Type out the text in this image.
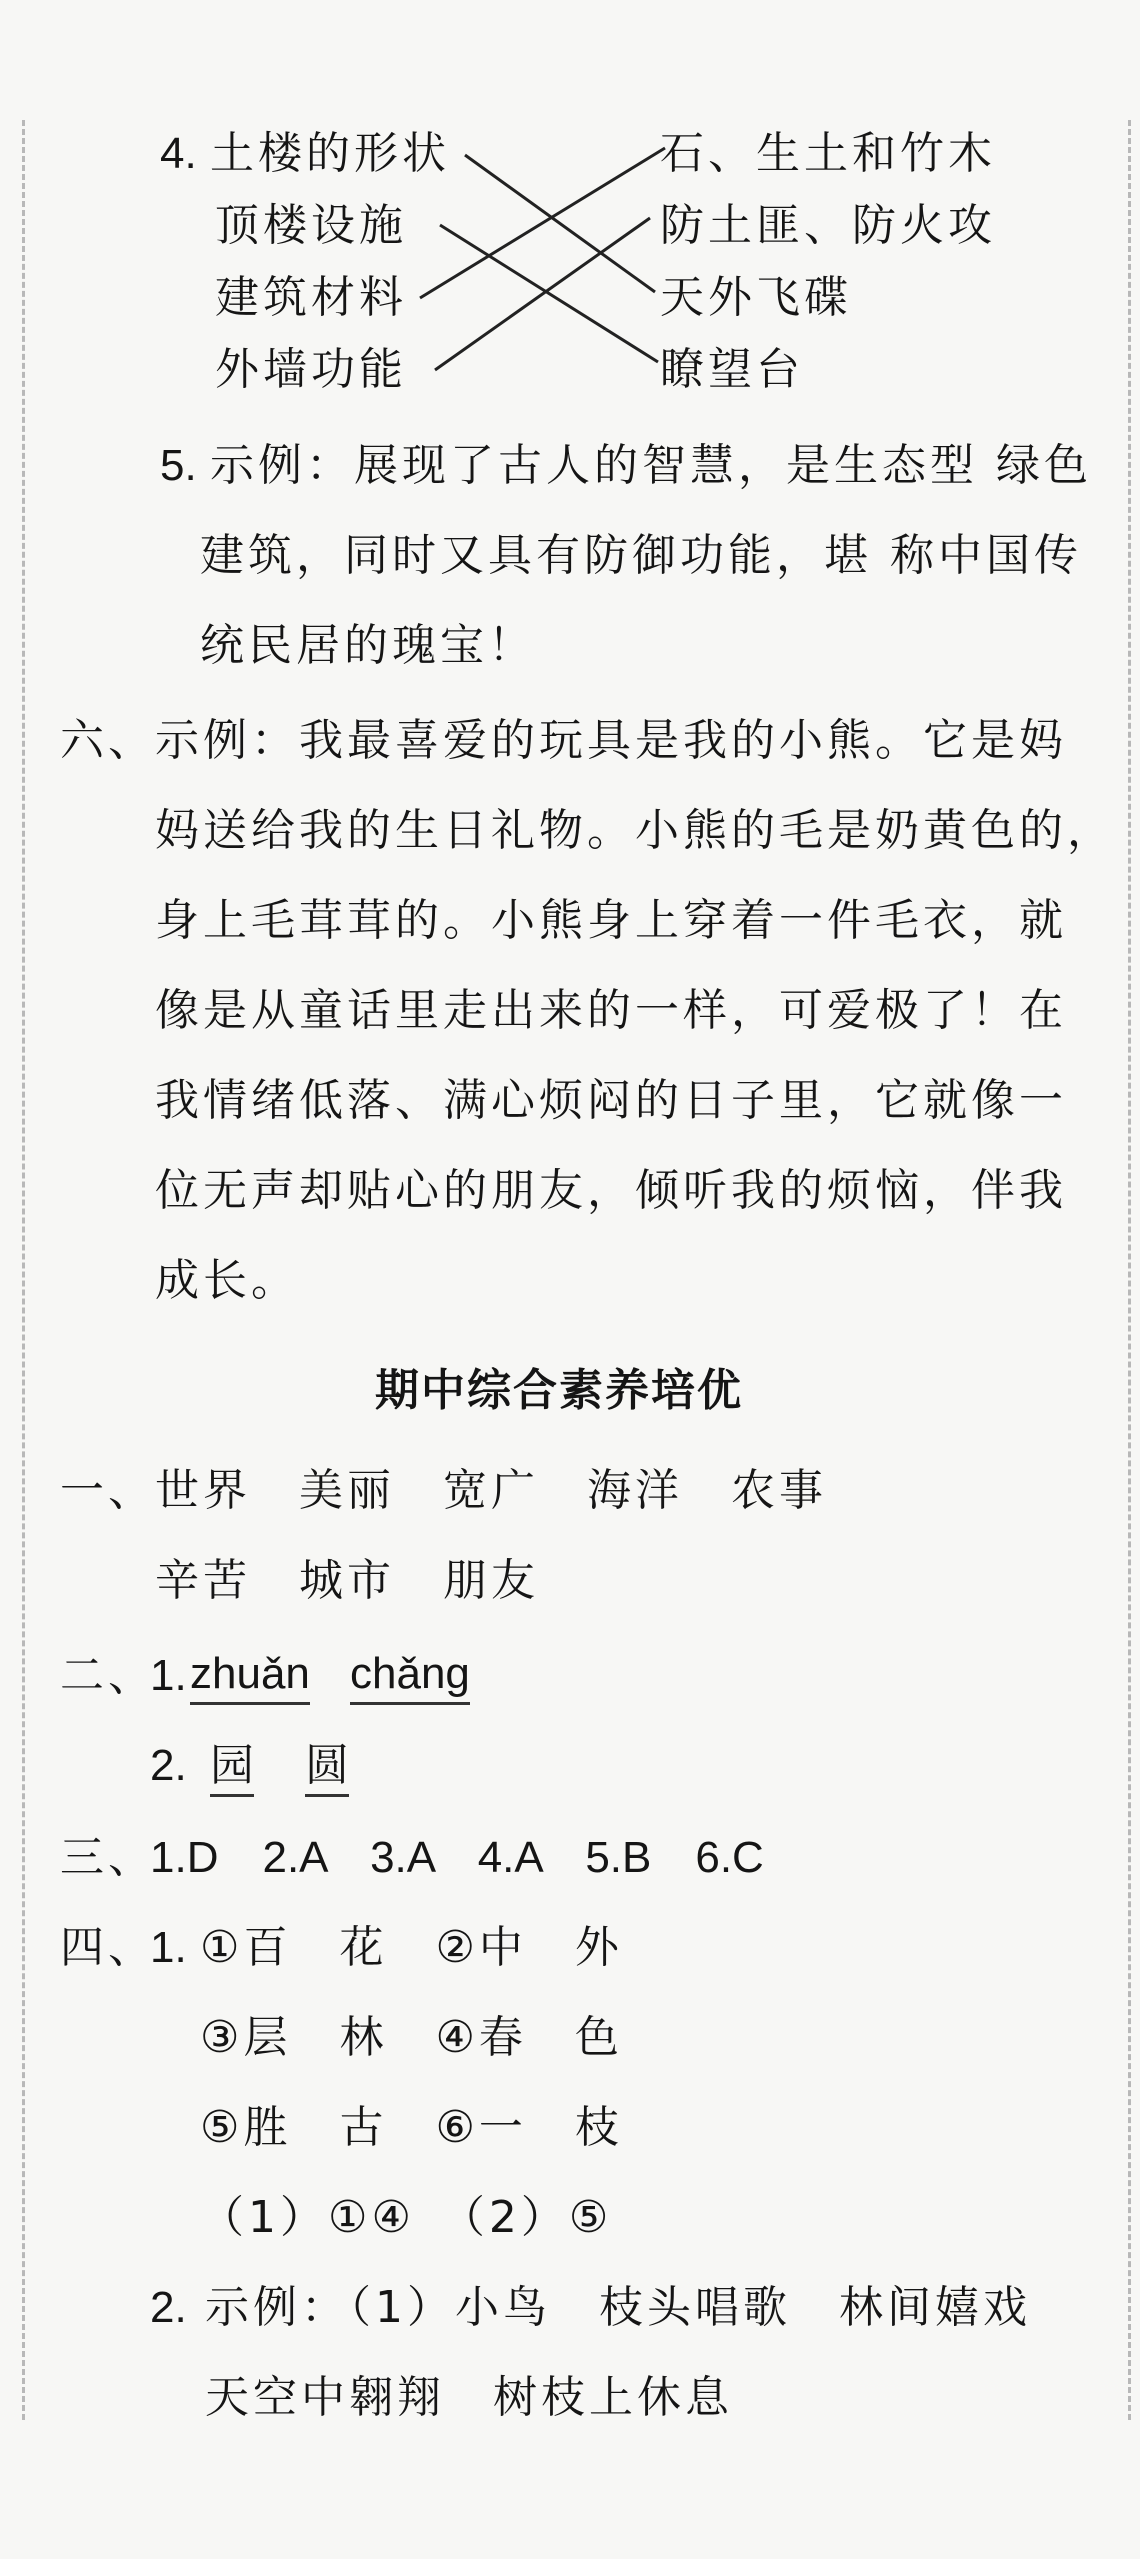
4. 土楼的形状
顶楼设施
建筑材料
外墙功能
石、生土和竹木
防土匪、防火攻
天外飞碟
瞭望台
5. 示例：展现了古人的智慧，是生态型 绿色
建筑，同时又具有防御功能，堪 称中国传
统民居的瑰宝！
六、 示例：我最喜爱的玩具是我的小熊。它是妈
妈送给我的生日礼物。小熊的毛是奶黄色的，
身上毛茸茸的。小熊身上穿着一件毛衣，就
像是从童话里走出来的一样，可爱极了！在
我情绪低落、满心烦闷的日子里，它就像一
位无声却贴心的朋友，倾听我的烦恼，伴我
成长。
期中综合素养培优
一、 世界　美丽　宽广　海洋　农事
辛苦　城市　朋友
二、
1. zhuǎn chǎng
2. 园 圆
三、
1.D　2.A　3.A　4.A　5.B　6.C
四、
1. ①百　花　②中　外
③层　林　④春　色
⑤胜　古　⑥一　枝
（1）①④　（2）⑤
2. 示例：（1）小鸟　枝头唱歌　林间嬉戏
天空中翱翔　树枝上休息
